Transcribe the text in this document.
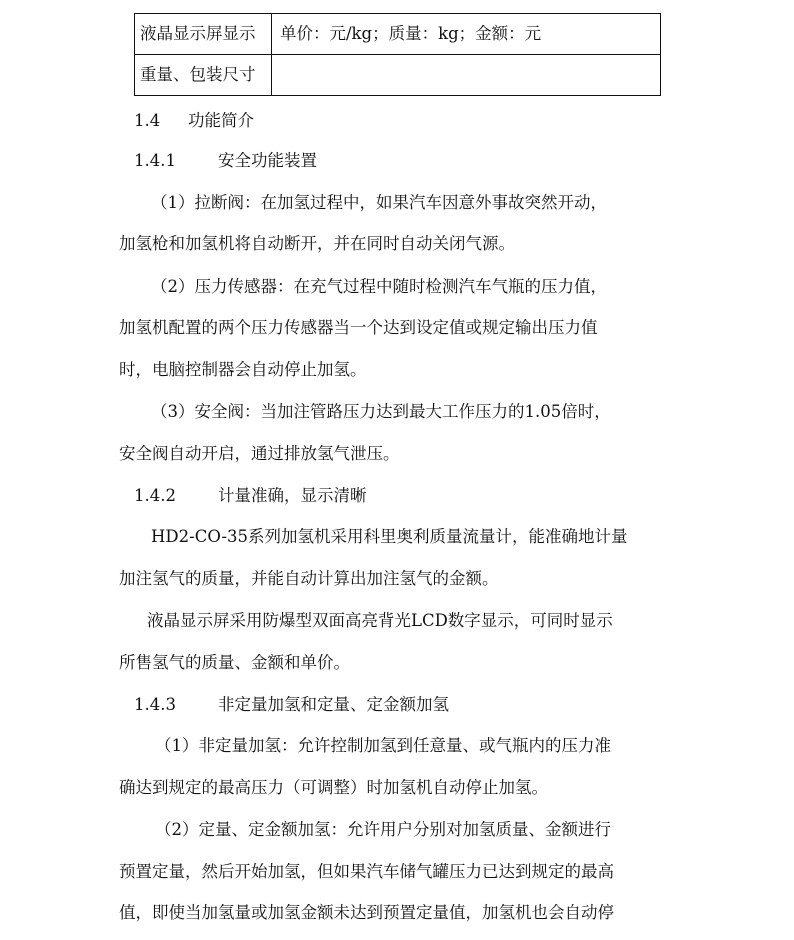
液晶显示屏显示	单价：元/kg；质量：kg；金额：元
重量、包装尺寸	
1.4 功能简介
1.4.1	安全功能装置
（1）拉断阀：在加氢过程中，如果汽车因意外事故突然开动，
加氢枪和加氢机将自动断开，并在同时自动关闭气源。
（2）压力传感器：在充气过程中随时检测汽车气瓶的压力值，
加氢机配置的两个压力传感器当一个达到设定值或规定输出压力值
时，电脑控制器会自动停止加氢。
（3）安全阀：当加注管路压力达到最大工作压力的1.05倍时，
安全阀自动开启，通过排放氢气泄压。
1.4.2	计量准确，显示清晰
HD2-CO-35系列加氢机采用科里奥利质量流量计，能准确地计量
加注氢气的质量，并能自动计算出加注氢气的金额。
液晶显示屏采用防爆型双面高亮背光LCD数字显示，可同时显示
所售氢气的质量、金额和单价。
1.4.3	非定量加氢和定量、定金额加氢
（1）非定量加氢：允许控制加氢到任意量、或气瓶内的压力准
确达到规定的最高压力（可调整）时加氢机自动停止加氢。
（2）定量、定金额加氢：允许用户分别对加氢质量、金额进行
预置定量，然后开始加氢，但如果汽车储气罐压力已达到规定的最高
值，即使当加氢量或加氢金额未达到预置定量值，加氢机也会自动停
